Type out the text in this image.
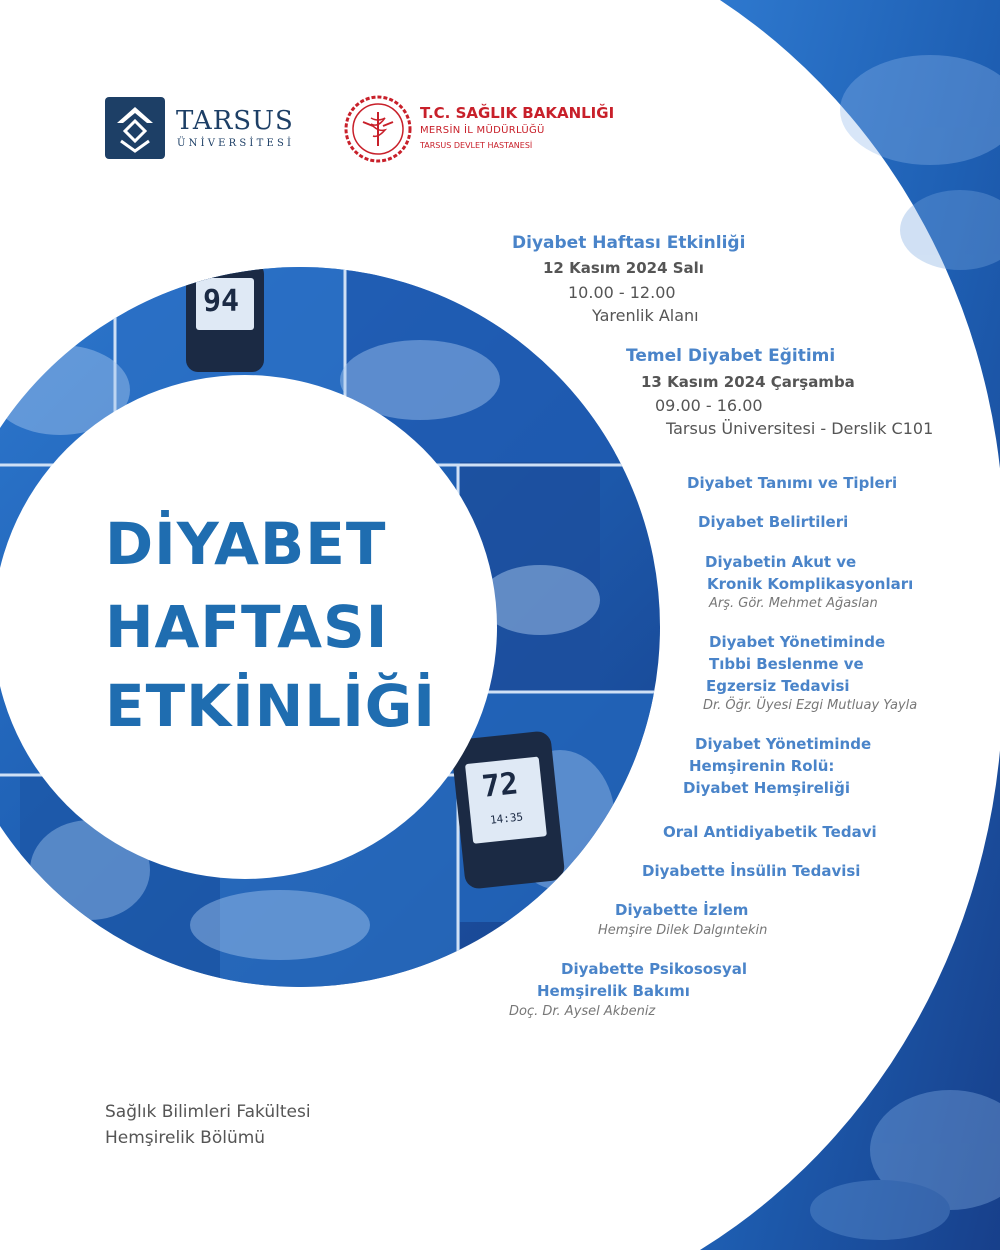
94
72
14:35
TARSUS
ÜNİVERSİTESİ
T.C. SAĞLIK BAKANLIĞI
MERSİN İL MÜDÜRLÜĞÜ
TARSUS DEVLET HASTANESİ
DİYABET
HAFTASI
ETKİNLİĞİ
Diyabet Haftası Etkinliği
12 Kasım 2024 Salı
10.00 - 12.00
Yarenlik Alanı
Temel Diyabet Eğitimi
13 Kasım 2024 Çarşamba
09.00 - 16.00
Tarsus Üniversitesi - Derslik C101
Diyabet Tanımı ve Tipleri
Diyabet Belirtileri
Diyabetin Akut ve
Kronik Komplikasyonları
Arş. Gör. Mehmet Ağaslan
Diyabet Yönetiminde
Tıbbi Beslenme ve
Egzersiz Tedavisi
Dr. Öğr. Üyesi Ezgi Mutluay Yayla
Diyabet Yönetiminde
Hemşirenin Rolü:
Diyabet Hemşireliği
Oral Antidiyabetik Tedavi
Diyabette İnsülin Tedavisi
Diyabette İzlem
Hemşire Dilek Dalgıntekin
Diyabette Psikososyal
Hemşirelik Bakımı
Doç. Dr. Aysel Akbeniz
Sağlık Bilimleri Fakültesi
Hemşirelik Bölümü
